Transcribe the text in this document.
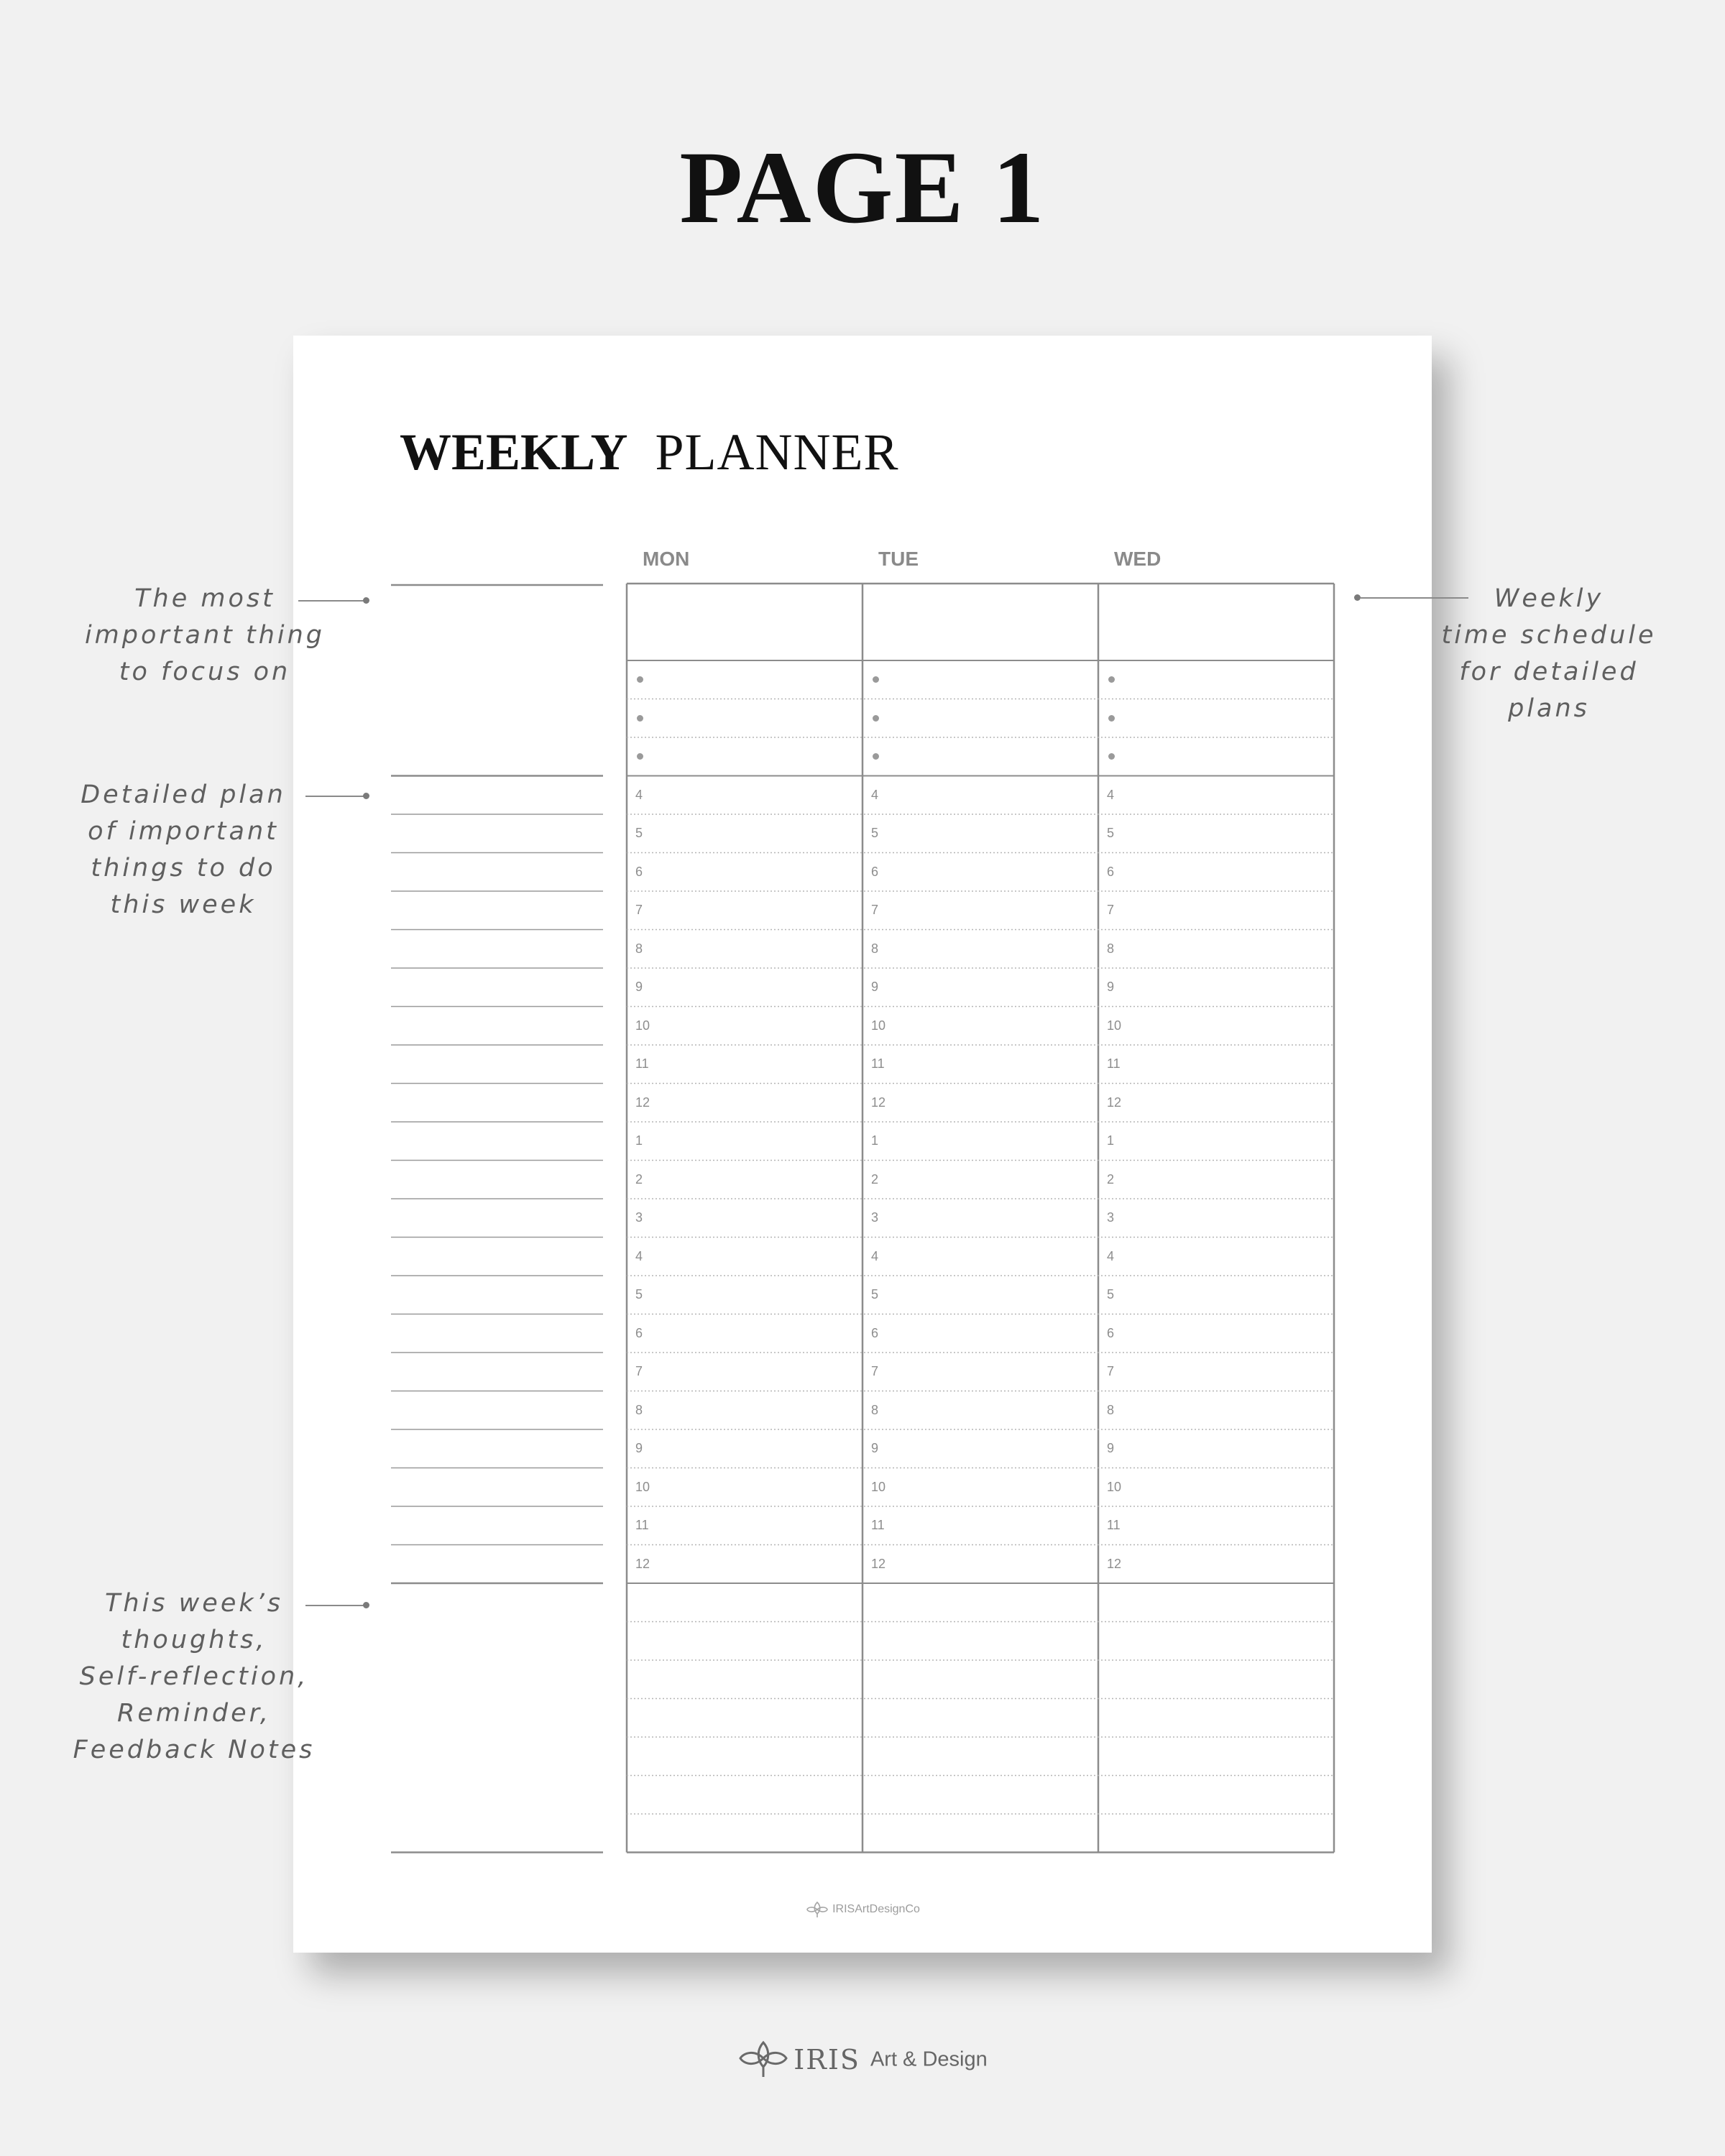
PAGE 1
WEEKLY PLANNER
MON	TUE	WED
4
5
6
7
8
9
10
11
12
1
2
3
4
5
6
7
8
9
10
11
12
4
5
6
7
8
9
10
11
12
1
2
3
4
5
6
7
8
9
10
11
12
4
5
6
7
8
9
10
11
12
1
2
3
4
5
6
7
8
9
10
11
12
IRISArtDesignCo
The most
important thing
to focus on
Detailed plan
of important
things to do
this week
This week’s
thoughts,
Self-reflection,
Reminder,
Feedback Notes
Weekly
time schedule
for detailed
plans
IRIS Art & Design
